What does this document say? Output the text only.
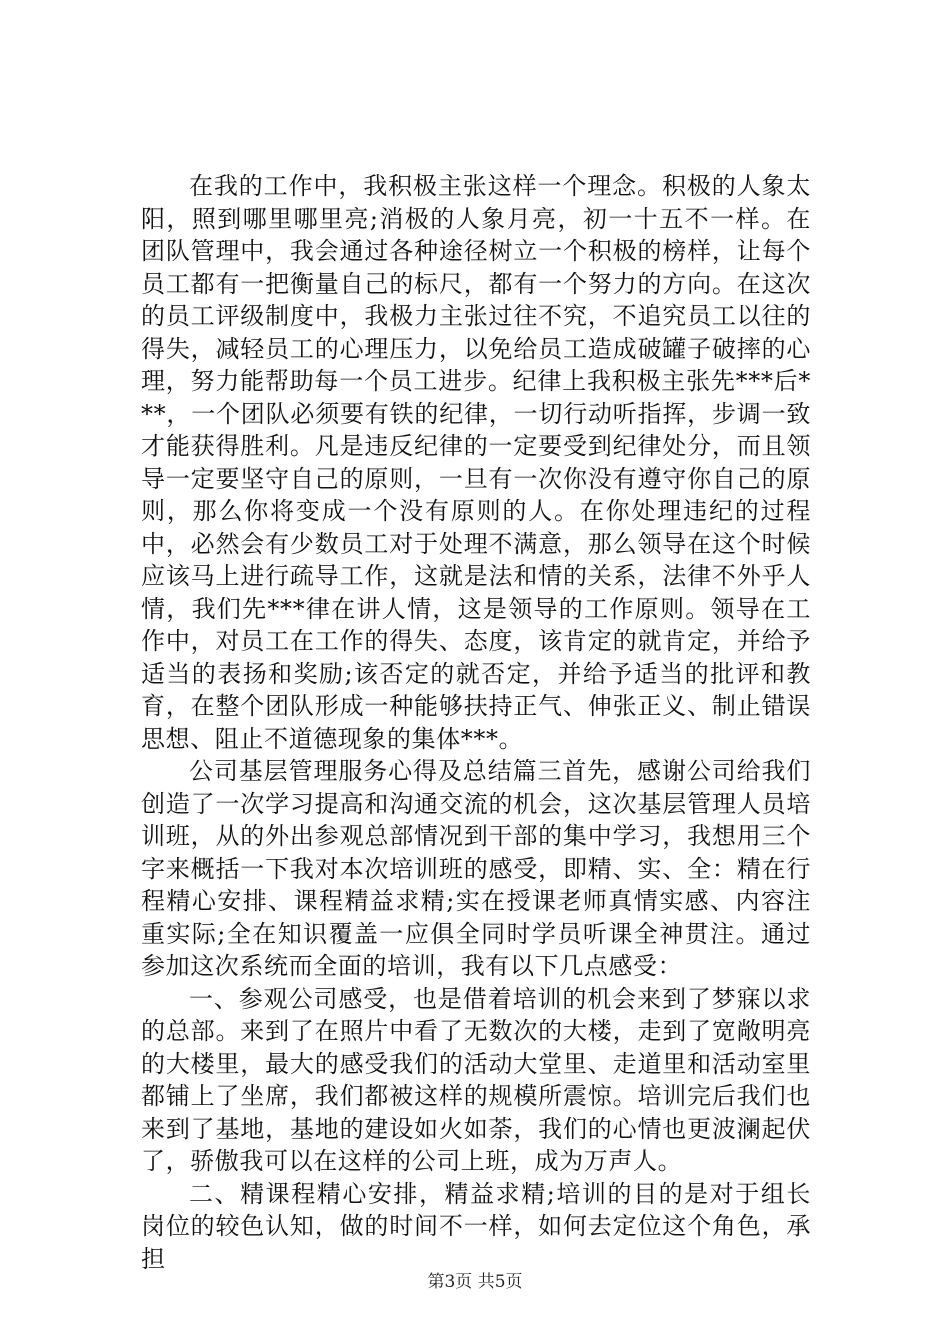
在我的工作中，我积极主张这样一个理念。积极的人象太阳，照到哪里哪里亮;消极的人象月亮，初一十五不一样。在团队管理中，我会通过各种途径树立一个积极的榜样，让每个员工都有一把衡量自己的标尺，都有一个努力的方向。在这次的员工评级制度中，我极力主张过往不究，不追究员工以往的得失，减轻员工的心理压力，以免给员工造成破罐子破摔的心理，努力能帮助每一个员工进步。纪律上我积极主张先***后***，一个团队必须要有铁的纪律，一切行动听指挥，步调一致才能获得胜利。凡是违反纪律的一定要受到纪律处分，而且领导一定要坚守自己的原则，一旦有一次你没有遵守你自己的原则，那么你将变成一个没有原则的人。在你处理违纪的过程中，必然会有少数员工对于处理不满意，那么领导在这个时候应该马上进行疏导工作，这就是法和情的关系，法律不外乎人情，我们先***律在讲人情，这是领导的工作原则。领导在工作中，对员工在工作的得失、态度，该肯定的就肯定，并给予适当的表扬和奖励;该否定的就否定，并给予适当的批评和教育，在整个团队形成一种能够扶持正气、伸张正义、制止错误思想、阻止不道德现象的集体***。

公司基层管理服务心得及总结篇三首先，感谢公司给我们创造了一次学习提高和沟通交流的机会，这次基层管理人员培训班，从的外出参观总部情况到干部的集中学习，我想用三个字来概括一下我对本次培训班的感受，即精、实、全：精在行程精心安排、课程精益求精;实在授课老师真情实感、内容注重实际;全在知识覆盖一应俱全同时学员听课全神贯注。通过参加这次系统而全面的培训，我有以下几点感受：

一、参观公司感受，也是借着培训的机会来到了梦寐以求的总部。来到了在照片中看了无数次的大楼，走到了宽敞明亮的大楼里，最大的感受我们的活动大堂里、走道里和活动室里都铺上了坐席，我们都被这样的规模所震惊。培训完后我们也来到了基地，基地的建设如火如荼，我们的心情也更波澜起伏了，骄傲我可以在这样的公司上班，成为万声人。

二、精课程精心安排，精益求精;培训的目的是对于组长岗位的较色认知，做的时间不一样，如何去定位这个角色，承担

第3页 共5页
